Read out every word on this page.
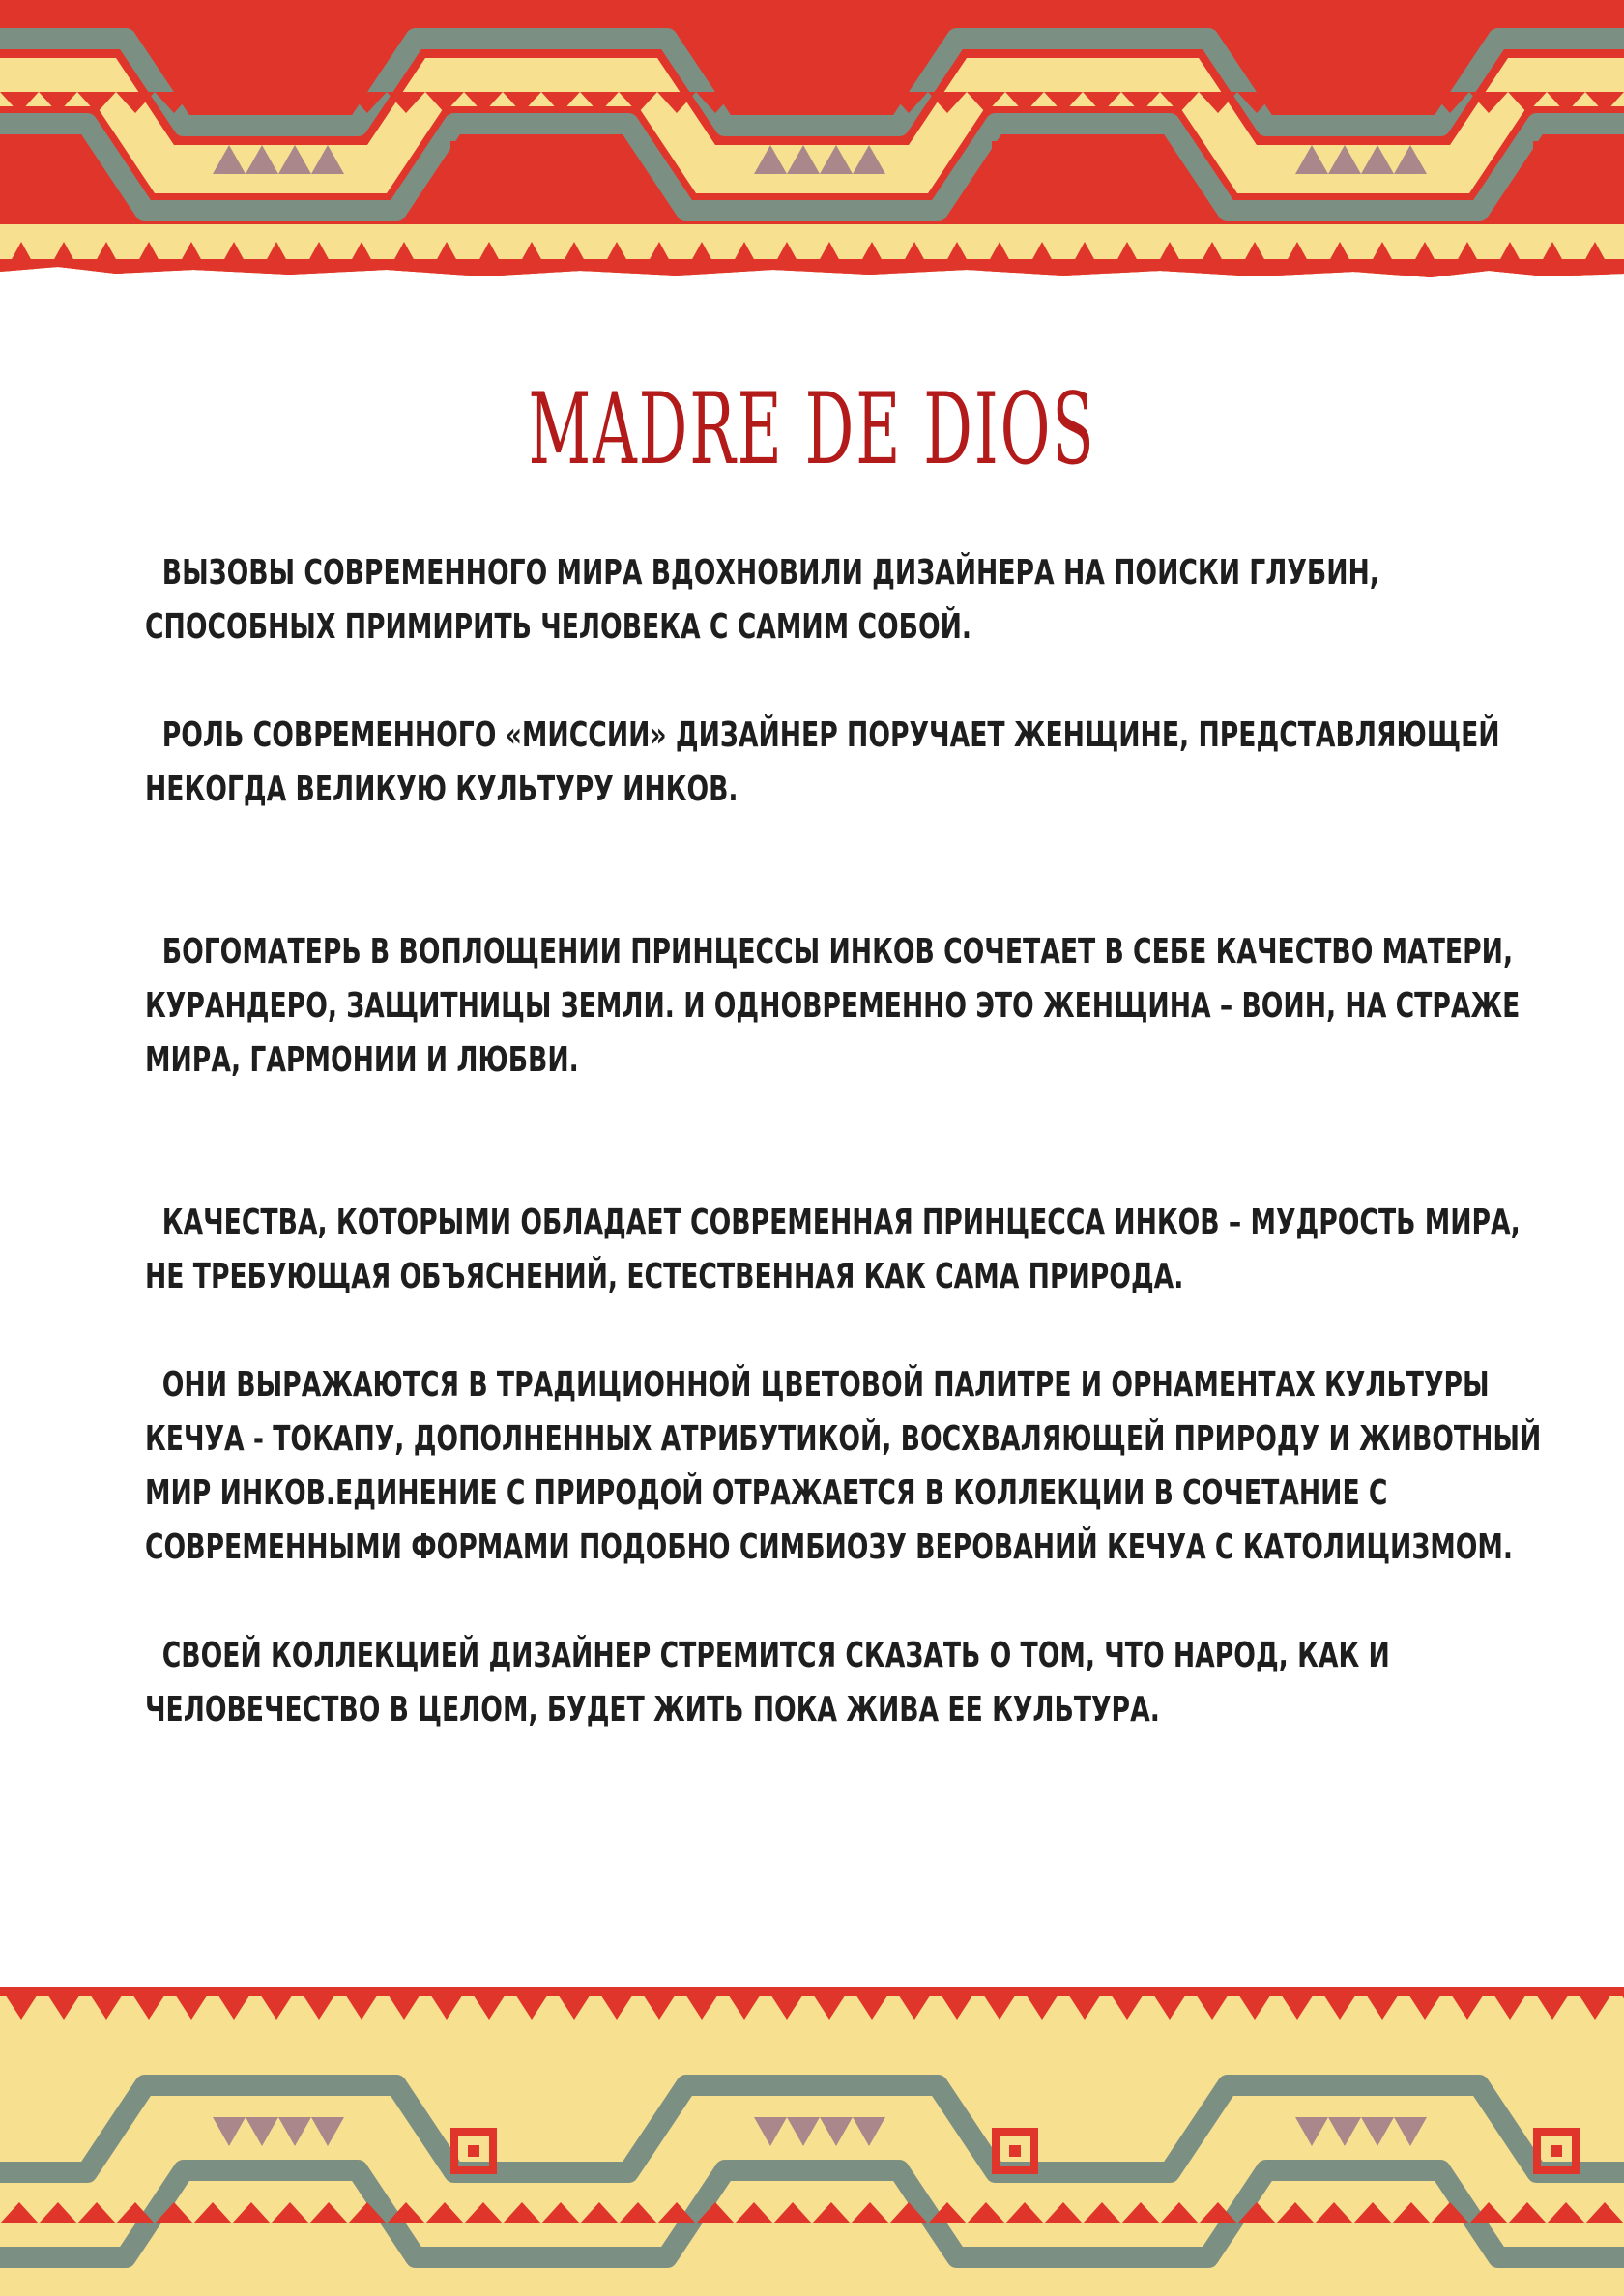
MADRE DE DIOS

ВЫЗОВЫ СОВРЕМЕННОГО МИРА ВДОХНОВИЛИ ДИЗАЙНЕРА НА ПОИСКИ ГЛУБИН, СПОСОБНЫХ ПРИМИРИТЬ ЧЕЛОВЕКА С САМИМ СОБОЙ.

РОЛЬ СОВРЕМЕННОГО «МИССИИ» ДИЗАЙНЕР ПОРУЧАЕТ ЖЕНЩИНЕ, ПРЕДСТАВЛЯЮЩЕЙ НЕКОГДА ВЕЛИКУЮ КУЛЬТУРУ ИНКОВ.

БОГОМАТЕРЬ В ВОПЛОЩЕНИИ ПРИНЦЕССЫ ИНКОВ СОЧЕТАЕТ В СЕБЕ КАЧЕСТВО МАТЕРИ, КУРАНДЕРО, ЗАЩИТНИЦЫ ЗЕМЛИ. И ОДНОВРЕМЕННО ЭТО ЖЕНЩИНА – ВОИН, НА СТРАЖЕ МИРА, ГАРМОНИИ И ЛЮБВИ.

КАЧЕСТВА, КОТОРЫМИ ОБЛАДАЕТ СОВРЕМЕННАЯ ПРИНЦЕССА ИНКОВ – МУДРОСТЬ МИРА, НЕ ТРЕБУЮЩАЯ ОБЪЯСНЕНИЙ, ЕСТЕСТВЕННАЯ КАК САМА ПРИРОДА.

ОНИ ВЫРАЖАЮТСЯ В ТРАДИЦИОННОЙ ЦВЕТОВОЙ ПАЛИТРЕ И ОРНАМЕНТАХ КУЛЬТУРЫ КЕЧУА - ТОКАПУ, ДОПОЛНЕННЫХ АТРИБУТИКОЙ, ВОСХВАЛЯЮЩЕЙ ПРИРОДУ И ЖИВОТНЫЙ МИР ИНКОВ.ЕДИНЕНИЕ С ПРИРОДОЙ ОТРАЖАЕТСЯ В КОЛЛЕКЦИИ В СОЧЕТАНИЕ С СОВРЕМЕННЫМИ ФОРМАМИ ПОДОБНО СИМБИОЗУ ВЕРОВАНИЙ КЕЧУА С КАТОЛИЦИЗМОМ.

СВОЕЙ КОЛЛЕКЦИЕЙ ДИЗАЙНЕР СТРЕМИТСЯ СКАЗАТЬ О ТОМ, ЧТО НАРОД, КАК И ЧЕЛОВЕЧЕСТВО В ЦЕЛОМ, БУДЕТ ЖИТЬ ПОКА ЖИВА ЕЕ КУЛЬТУРА.
